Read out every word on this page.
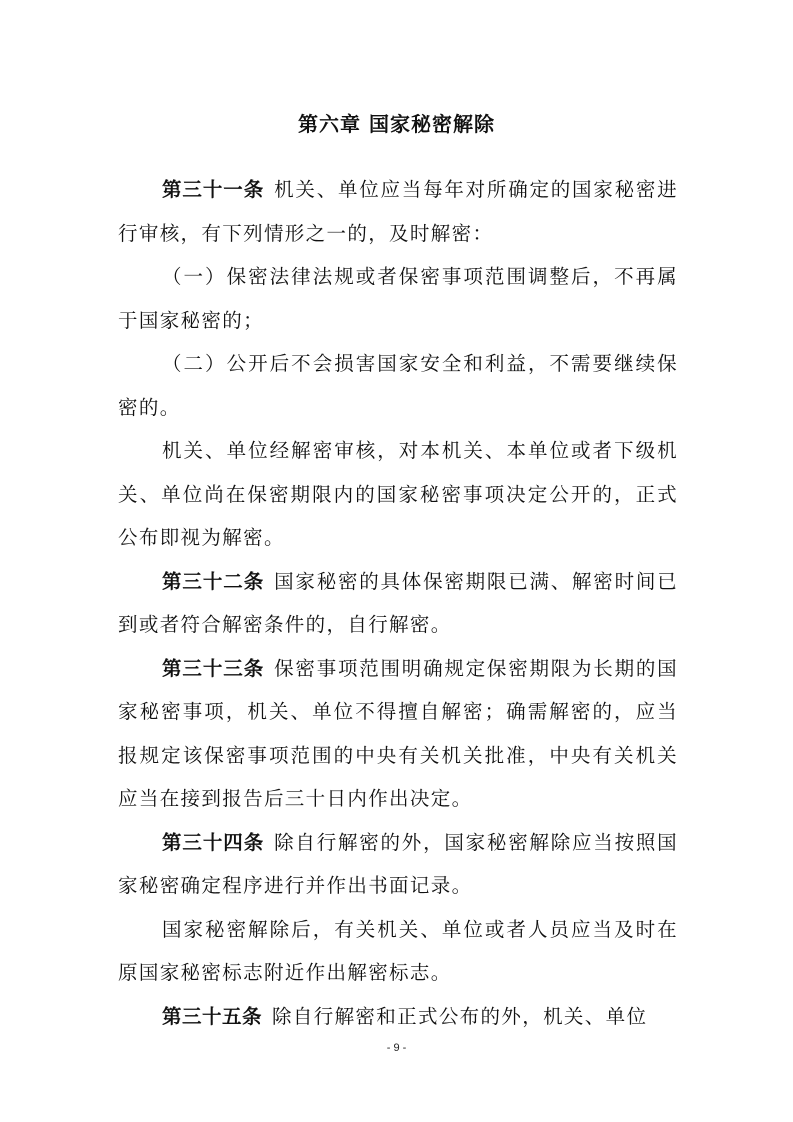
第六章 国家秘密解除

第三十一条 机关、单位应当每年对所确定的国家秘密进行审核，有下列情形之一的，及时解密：

（一）保密法律法规或者保密事项范围调整后，不再属于国家秘密的；

（二）公开后不会损害国家安全和利益，不需要继续保密的。

机关、单位经解密审核，对本机关、本单位或者下级机关、单位尚在保密期限内的国家秘密事项决定公开的，正式公布即视为解密。

第三十二条 国家秘密的具体保密期限已满、解密时间已到或者符合解密条件的，自行解密。

第三十三条 保密事项范围明确规定保密期限为长期的国家秘密事项，机关、单位不得擅自解密；确需解密的，应当报规定该保密事项范围的中央有关机关批准，中央有关机关应当在接到报告后三十日内作出决定。

第三十四条 除自行解密的外，国家秘密解除应当按照国家秘密确定程序进行并作出书面记录。

国家秘密解除后，有关机关、单位或者人员应当及时在原国家秘密标志附近作出解密标志。

第三十五条 除自行解密和正式公布的外，机关、单位

- 9 -
